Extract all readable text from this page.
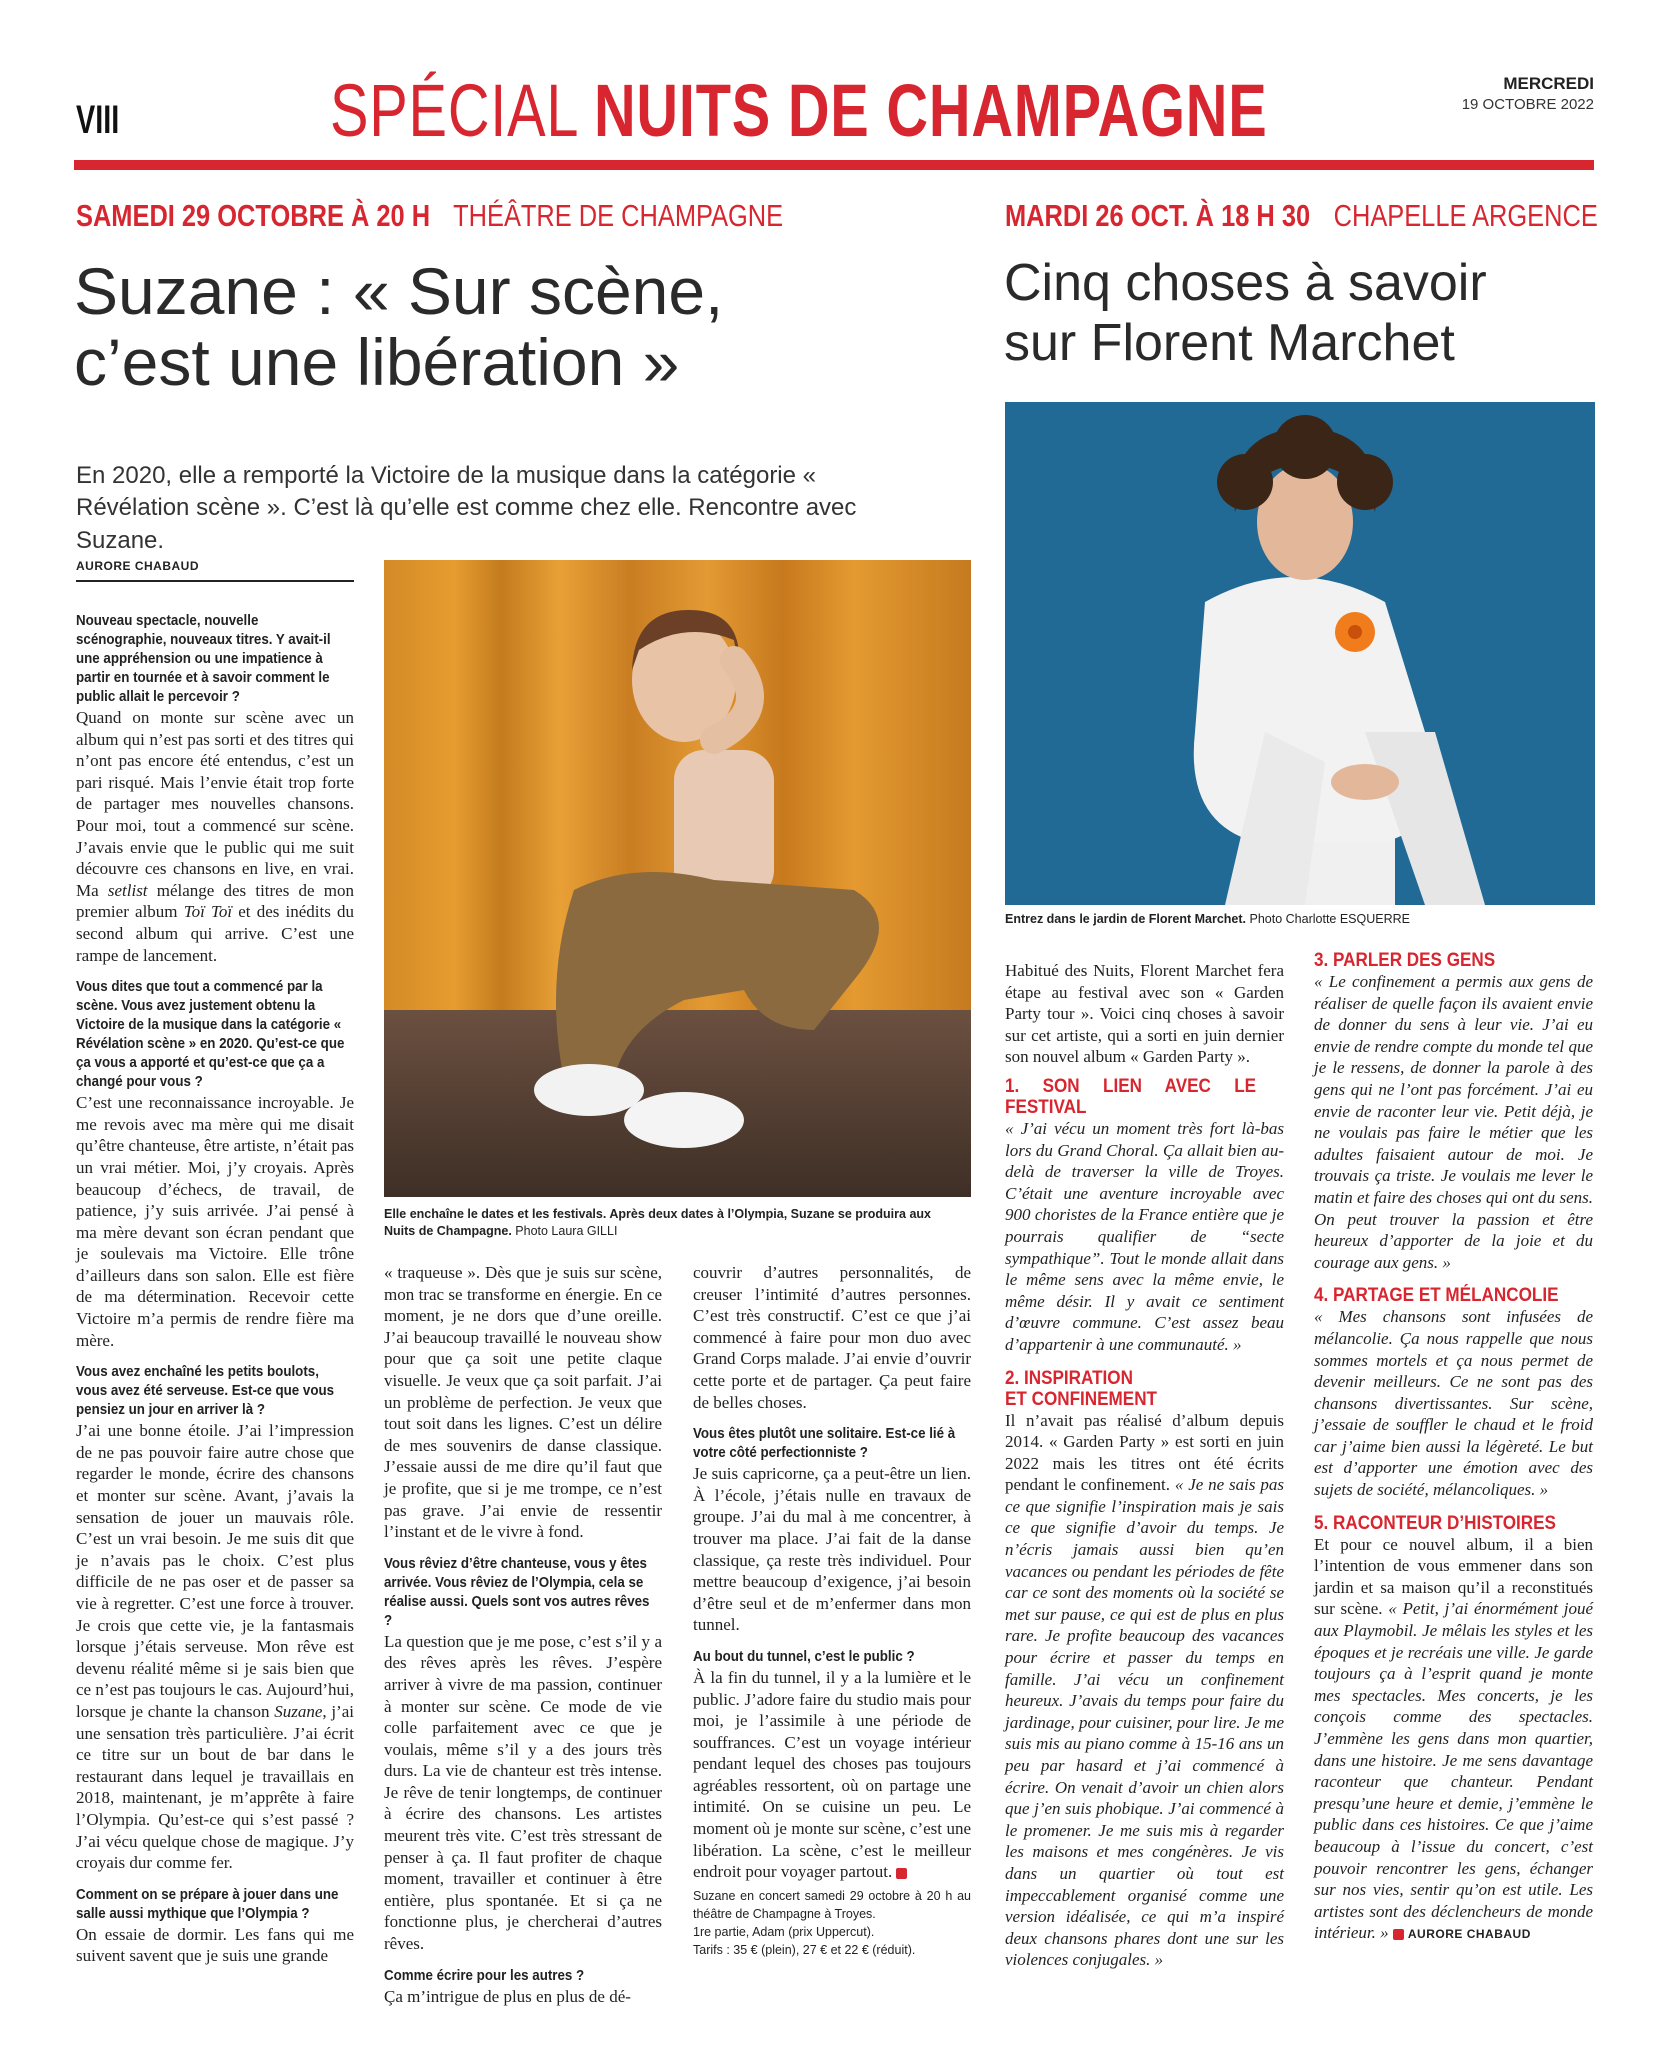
VIII	SPÉCIAL NUITS DE CHAMPAGNE	MERCREDI
19 OCTOBRE 2022
SAMEDI 29 OCTOBRE À 20 H THÉÂTRE DE CHAMPAGNE
Suzane : « Sur scène,
c’est une libération »
En 2020, elle a remporté la Victoire de la musique dans la catégorie « Révélation scène ». C’est là qu’elle est comme chez elle. Rencontre avec Suzane.
AURORE CHABAUD

Nouveau spectacle, nouvelle scénographie, nouveaux titres. Y avait-il une appréhension ou une impatience à partir en tournée et à savoir comment le public allait le percevoir ?
Quand on monte sur scène avec un album qui n’est pas sorti et des titres qui n’ont pas encore été entendus, c’est un pari risqué. Mais l’envie était trop forte de partager mes nouvelles chansons. Pour moi, tout a commencé sur scène. J’avais envie que le public qui me suit découvre ces chansons en live, en vrai. Ma setlist mélange des titres de mon premier album Toï Toï et des inédits du second album qui arrive. C’est une rampe de lancement.

Vous dites que tout a commencé par la scène. Vous avez justement obtenu la Victoire de la musique dans la catégorie « Révélation scène » en 2020. Qu’est-ce que ça vous a apporté et qu’est-ce que ça a changé pour vous ?
C’est une reconnaissance incroyable. Je me revois avec ma mère qui me disait qu’être chanteuse, être artiste, n’était pas un vrai métier. Moi, j’y croyais. Après beaucoup d’échecs, de travail, de patience, j’y suis arrivée. J’ai pensé à ma mère devant son écran pendant que je soulevais ma Victoire. Elle trône d’ailleurs dans son salon. Elle est fière de ma détermination. Recevoir cette Victoire m’a permis de rendre fière ma mère.

Vous avez enchaîné les petits boulots, vous avez été serveuse. Est-ce que vous pensiez un jour en arriver là ?
J’ai une bonne étoile. J’ai l’impression de ne pas pouvoir faire autre chose que regarder le monde, écrire des chansons et monter sur scène. Avant, j’avais la sensation de jouer un mauvais rôle. C’est un vrai besoin. Je me suis dit que je n’avais pas le choix. C’est plus difficile de ne pas oser et de passer sa vie à regretter. C’est une force à trouver. Je crois que cette vie, je la fantasmais lorsque j’étais serveuse. Mon rêve est devenu réalité même si je sais bien que ce n’est pas toujours le cas. Aujourd’hui, lorsque je chante la chanson Suzane, j’ai une sensation très particulière. J’ai écrit ce titre sur un bout de bar dans le restaurant dans lequel je travaillais en 2018, maintenant, je m’apprête à faire l’Olympia. Qu’est-ce qui s’est passé ? J’ai vécu quelque chose de magique. J’y croyais dur comme fer.

Comment on se prépare à jouer dans une salle aussi mythique que l’Olympia ?
On essaie de dormir. Les fans qui me suivent savent que je suis une grande

Elle enchaîne le dates et les festivals. Après deux dates à l’Olympia, Suzane se produira aux Nuits de Champagne. Photo Laura GILLI

« traqueuse ». Dès que je suis sur scène, mon trac se transforme en énergie. En ce moment, je ne dors que d’une oreille. J’ai beaucoup travaillé le nouveau show pour que ça soit une petite claque visuelle. Je veux que ça soit parfait. J’ai un problème de perfection. Je veux que tout soit dans les lignes. C’est un délire de mes souvenirs de danse classique. J’essaie aussi de me dire qu’il faut que je profite, que si je me trompe, ce n’est pas grave. J’ai envie de ressentir l’instant et de le vivre à fond.

Vous rêviez d’être chanteuse, vous y êtes arrivée. Vous rêviez de l’Olympia, cela se réalise aussi. Quels sont vos autres rêves ?
La question que je me pose, c’est s’il y a des rêves après les rêves. J’espère arriver à vivre de ma passion, continuer à monter sur scène. Ce mode de vie colle parfaitement avec ce que je voulais, même s’il y a des jours très durs. La vie de chanteur est très intense. Je rêve de tenir longtemps, de continuer à écrire des chansons. Les artistes meurent très vite. C’est très stressant de penser à ça. Il faut profiter de chaque moment, travailler et continuer à être entière, plus spontanée. Et si ça ne fonctionne plus, je chercherai d’autres rêves.

Comme écrire pour les autres ?
Ça m’intrigue de plus en plus de dé-

couvrir d’autres personnalités, de creuser l’intimité d’autres personnes. C’est très constructif. C’est ce que j’ai commencé à faire pour mon duo avec Grand Corps malade. J’ai envie d’ouvrir cette porte et de partager. Ça peut faire de belles choses.

Vous êtes plutôt une solitaire. Est-ce lié à votre côté perfectionniste ?
Je suis capricorne, ça a peut-être un lien. À l’école, j’étais nulle en travaux de groupe. J’ai du mal à me concentrer, à trouver ma place. J’ai fait de la danse classique, ça reste très individuel. Pour mettre beaucoup d’exigence, j’ai besoin d’être seul et de m’enfermer dans mon tunnel.

Au bout du tunnel, c’est le public ?
À la fin du tunnel, il y a la lumière et le public. J’adore faire du studio mais pour moi, je l’assimile à une période de souffrances. C’est un voyage intérieur pendant lequel des choses pas toujours agréables ressortent, où on partage une intimité. On se cuisine un peu. Le moment où je monte sur scène, c’est une libération. La scène, c’est le meilleur endroit pour voyager partout.

Suzane en concert samedi 29 octobre à 20 h au théâtre de Champagne à Troyes.
1re partie, Adam (prix Uppercut).
Tarifs : 35 € (plein), 27 € et 22 € (réduit).
MARDI 26 OCT. À 18 H 30 CHAPELLE ARGENCE
Cinq choses à savoir
sur Florent Marchet
Entrez dans le jardin de Florent Marchet. Photo Charlotte ESQUERRE

Habitué des Nuits, Florent Marchet fera étape au festival avec son « Garden Party tour ». Voici cinq choses à savoir sur cet artiste, qui a sorti en juin dernier son nouvel album « Garden Party ».

1. SON LIEN AVEC LE FESTIVAL

« J’ai vécu un moment très fort là-bas lors du Grand Choral. Ça allait bien au-delà de traverser la ville de Troyes. C’était une aventure incroyable avec 900 choristes de la France entière que je pourrais qualifier de “secte sympathique”. Tout le monde allait dans le même sens avec la même envie, le même désir. Il y avait ce sentiment d’œuvre commune. C’est assez beau d’appartenir à une communauté. »

2. INSPIRATION
ET CONFINEMENT

Il n’avait pas réalisé d’album depuis 2014. « Garden Party » est sorti en juin 2022 mais les titres ont été écrits pendant le confinement. « Je ne sais pas ce que signifie l’inspiration mais je sais ce que signifie d’avoir du temps. Je n’écris jamais aussi bien qu’en vacances ou pendant les périodes de fête car ce sont des moments où la société se met sur pause, ce qui est de plus en plus rare. Je profite beaucoup des vacances pour écrire et passer du temps en famille. J’ai vécu un confinement heureux. J’avais du temps pour faire du jardinage, pour cuisiner, pour lire. Je me suis mis au piano comme à 15-16 ans un peu par hasard et j’ai commencé à écrire. On venait d’avoir un chien alors que j’en suis phobique. J’ai commencé à le promener. Je me suis mis à regarder les maisons et mes congénères. Je vis dans un quartier où tout est impeccablement organisé comme une version idéalisée, ce qui m’a inspiré deux chansons phares dont une sur les violences conjugales. »

3. PARLER DES GENS

« Le confinement a permis aux gens de réaliser de quelle façon ils avaient envie de donner du sens à leur vie. J’ai eu envie de rendre compte du monde tel que je le ressens, de donner la parole à des gens qui ne l’ont pas forcément. J’ai eu envie de raconter leur vie. Petit déjà, je ne voulais pas faire le métier que les adultes faisaient autour de moi. Je trouvais ça triste. Je voulais me lever le matin et faire des choses qui ont du sens. On peut trouver la passion et être heureux d’apporter de la joie et du courage aux gens. »

4. PARTAGE ET MÉLANCOLIE

« Mes chansons sont infusées de mélancolie. Ça nous rappelle que nous sommes mortels et ça nous permet de devenir meilleurs. Ce ne sont pas des chansons divertissantes. Sur scène, j’essaie de souffler le chaud et le froid car j’aime bien aussi la légèreté. Le but est d’apporter une émotion avec des sujets de société, mélancoliques. »

5. RACONTEUR D’HISTOIRES

Et pour ce nouvel album, il a bien l’intention de vous emmener dans son jardin et sa maison qu’il a reconstitués sur scène. « Petit, j’ai énormément joué aux Playmobil. Je mêlais les styles et les époques et je recréais une ville. Je garde toujours ça à l’esprit quand je monte mes spectacles. Mes concerts, je les conçois comme des spectacles. J’emmène les gens dans mon quartier, dans une histoire. Je me sens davantage raconteur que chanteur. Pendant presqu’une heure et demie, j’emmène le public dans ces histoires. Ce que j’aime beaucoup à l’issue du concert, c’est pouvoir rencontrer les gens, échanger sur nos vies, sentir qu’on est utile. Les artistes sont des déclencheurs de monde intérieur. » AURORE CHABAUD
